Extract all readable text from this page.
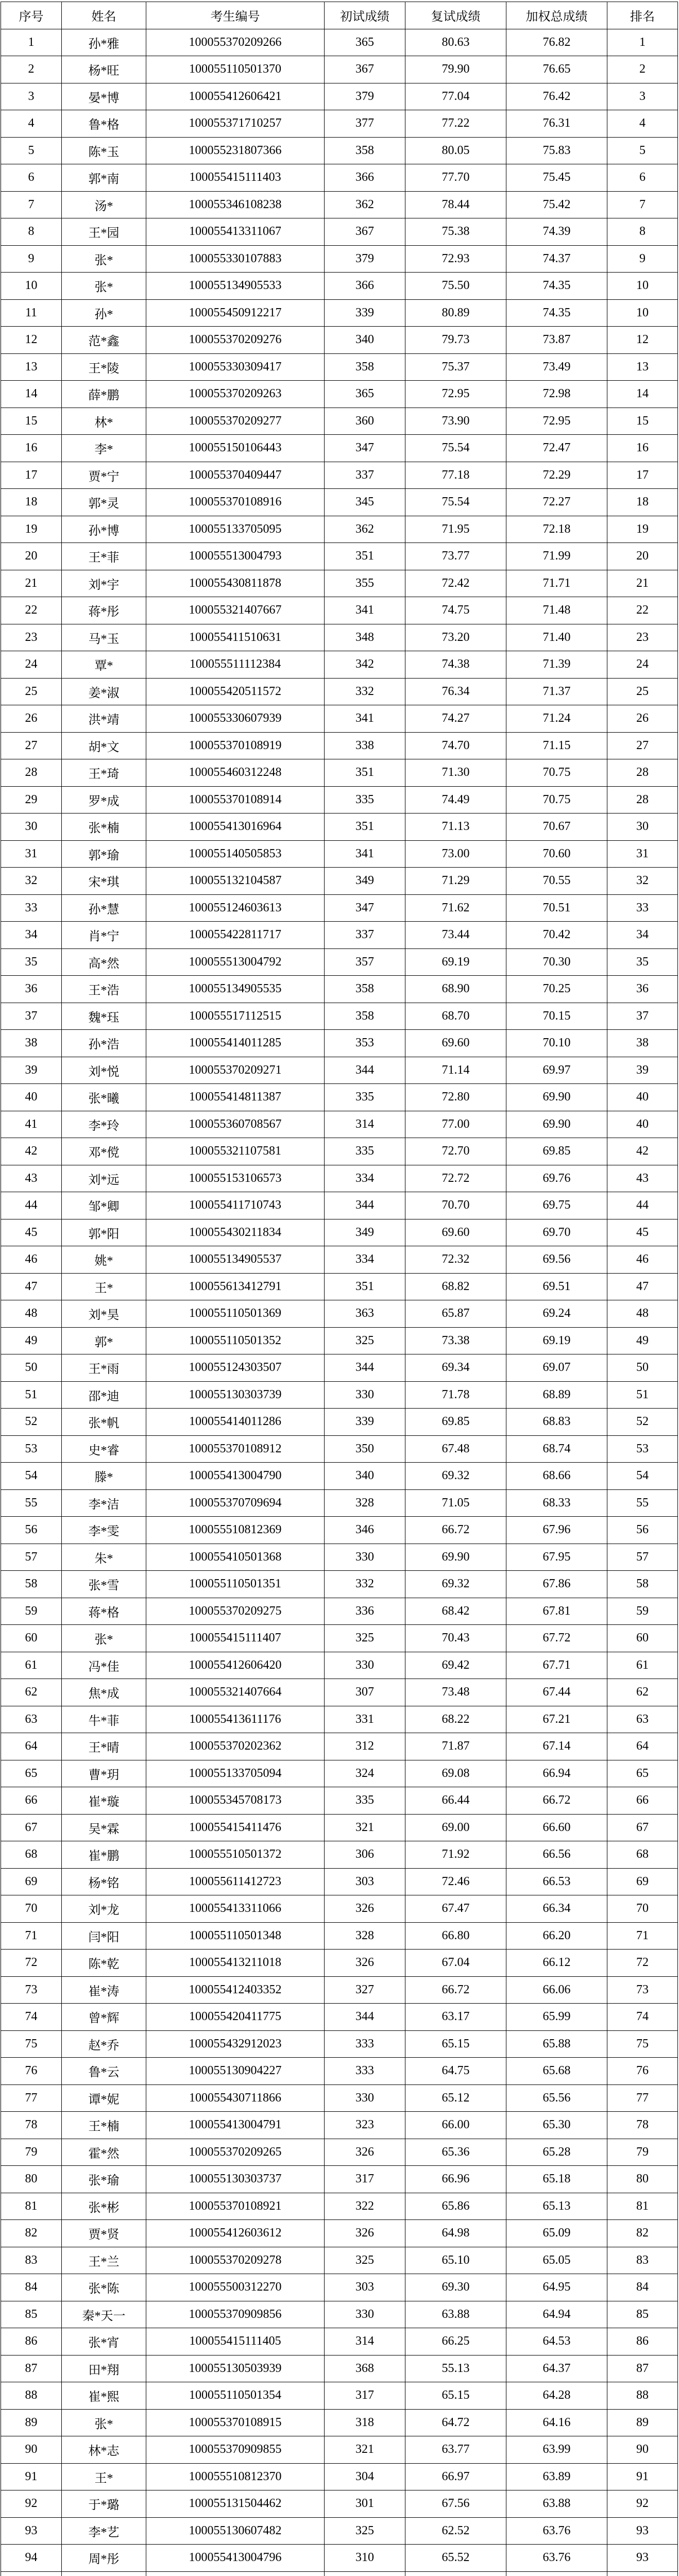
序号	姓名	考生编号	初试成绩	复试成绩	加权总成绩	排名
1	孙*雅	100055370209266	365	80.63	76.82	1
2	杨*旺	100055110501370	367	79.90	76.65	2
3	晏*博	100055412606421	379	77.04	76.42	3
4	鲁*格	100055371710257	377	77.22	76.31	4
5	陈*玉	100055231807366	358	80.05	75.83	5
6	郭*南	100055415111403	366	77.70	75.45	6
7	汤*	100055346108238	362	78.44	75.42	7
8	王*园	100055413311067	367	75.38	74.39	8
9	张*	100055330107883	379	72.93	74.37	9
10	张*	100055134905533	366	75.50	74.35	10
11	孙*	100055450912217	339	80.89	74.35	10
12	范*鑫	100055370209276	340	79.73	73.87	12
13	王*陵	100055330309417	358	75.37	73.49	13
14	薛*鹏	100055370209263	365	72.95	72.98	14
15	林*	100055370209277	360	73.90	72.95	15
16	李*	100055150106443	347	75.54	72.47	16
17	贾*宁	100055370409447	337	77.18	72.29	17
18	郭*灵	100055370108916	345	75.54	72.27	18
19	孙*博	100055133705095	362	71.95	72.18	19
20	王*菲	100055513004793	351	73.77	71.99	20
21	刘*宇	100055430811878	355	72.42	71.71	21
22	蒋*彤	100055321407667	341	74.75	71.48	22
23	马*玉	100055411510631	348	73.20	71.40	23
24	覃*	100055511112384	342	74.38	71.39	24
25	姜*淑	100055420511572	332	76.34	71.37	25
26	洪*靖	100055330607939	341	74.27	71.24	26
27	胡*文	100055370108919	338	74.70	71.15	27
28	王*琦	100055460312248	351	71.30	70.75	28
29	罗*成	100055370108914	335	74.49	70.75	28
30	张*楠	100055413016964	351	71.13	70.67	30
31	郭*瑜	100055140505853	341	73.00	70.60	31
32	宋*琪	100055132104587	349	71.29	70.55	32
33	孙*慧	100055124603613	347	71.62	70.51	33
34	肖*宁	100055422811717	337	73.44	70.42	34
35	高*然	100055513004792	357	69.19	70.30	35
36	王*浩	100055134905535	358	68.90	70.25	36
37	魏*珏	100055517112515	358	68.70	70.15	37
38	孙*浩	100055414011285	353	69.60	70.10	38
39	刘*悦	100055370209271	344	71.14	69.97	39
40	张*曦	100055414811387	335	72.80	69.90	40
41	李*玲	100055360708567	314	77.00	69.90	40
42	邓*傥	100055321107581	335	72.70	69.85	42
43	刘*远	100055153106573	334	72.72	69.76	43
44	邹*卿	100055411710743	344	70.70	69.75	44
45	郭*阳	100055430211834	349	69.60	69.70	45
46	姚*	100055134905537	334	72.32	69.56	46
47	王*	100055613412791	351	68.82	69.51	47
48	刘*昊	100055110501369	363	65.87	69.24	48
49	郭*	100055110501352	325	73.38	69.19	49
50	王*雨	100055124303507	344	69.34	69.07	50
51	邵*迪	100055130303739	330	71.78	68.89	51
52	张*帆	100055414011286	339	69.85	68.83	52
53	史*睿	100055370108912	350	67.48	68.74	53
54	滕*	100055413004790	340	69.32	68.66	54
55	李*洁	100055370709694	328	71.05	68.33	55
56	李*雯	100055510812369	346	66.72	67.96	56
57	朱*	100055410501368	330	69.90	67.95	57
58	张*雪	100055110501351	332	69.32	67.86	58
59	蒋*格	100055370209275	336	68.42	67.81	59
60	张*	100055415111407	325	70.43	67.72	60
61	冯*佳	100055412606420	330	69.42	67.71	61
62	焦*成	100055321407664	307	73.48	67.44	62
63	牛*菲	100055413611176	331	68.22	67.21	63
64	王*晴	100055370202362	312	71.87	67.14	64
65	曹*玥	100055133705094	324	69.08	66.94	65
66	崔*璇	100055345708173	335	66.44	66.72	66
67	吴*霖	100055415411476	321	69.00	66.60	67
68	崔*鹏	100055510501372	306	71.92	66.56	68
69	杨*铭	100055611412723	303	72.46	66.53	69
70	刘*龙	100055413311066	326	67.47	66.34	70
71	闫*阳	100055110501348	328	66.80	66.20	71
72	陈*乾	100055413211018	326	67.04	66.12	72
73	崔*涛	100055412403352	327	66.72	66.06	73
74	曾*辉	100055420411775	344	63.17	65.99	74
75	赵*乔	100055432912023	333	65.15	65.88	75
76	鲁*云	100055130904227	333	64.75	65.68	76
77	谭*妮	100055430711866	330	65.12	65.56	77
78	王*楠	100055413004791	323	66.00	65.30	78
79	霍*然	100055370209265	326	65.36	65.28	79
80	张*瑜	100055130303737	317	66.96	65.18	80
81	张*彬	100055370108921	322	65.86	65.13	81
82	贾*贤	100055412603612	326	64.98	65.09	82
83	王*兰	100055370209278	325	65.10	65.05	83
84	张*陈	100055500312270	303	69.30	64.95	84
85	秦*天一	100055370909856	330	63.88	64.94	85
86	张*宵	100055415111405	314	66.25	64.53	86
87	田*翔	100055130503939	368	55.13	64.37	87
88	崔*熙	100055110501354	317	65.15	64.28	88
89	张*	100055370108915	318	64.72	64.16	89
90	林*志	100055370909855	321	63.77	63.99	90
91	王*	100055510812370	304	66.97	63.89	91
92	于*璐	100055131504462	301	67.56	63.88	92
93	李*艺	100055130607482	325	62.52	63.76	93
94	周*彤	100055413004796	310	65.52	63.76	93
